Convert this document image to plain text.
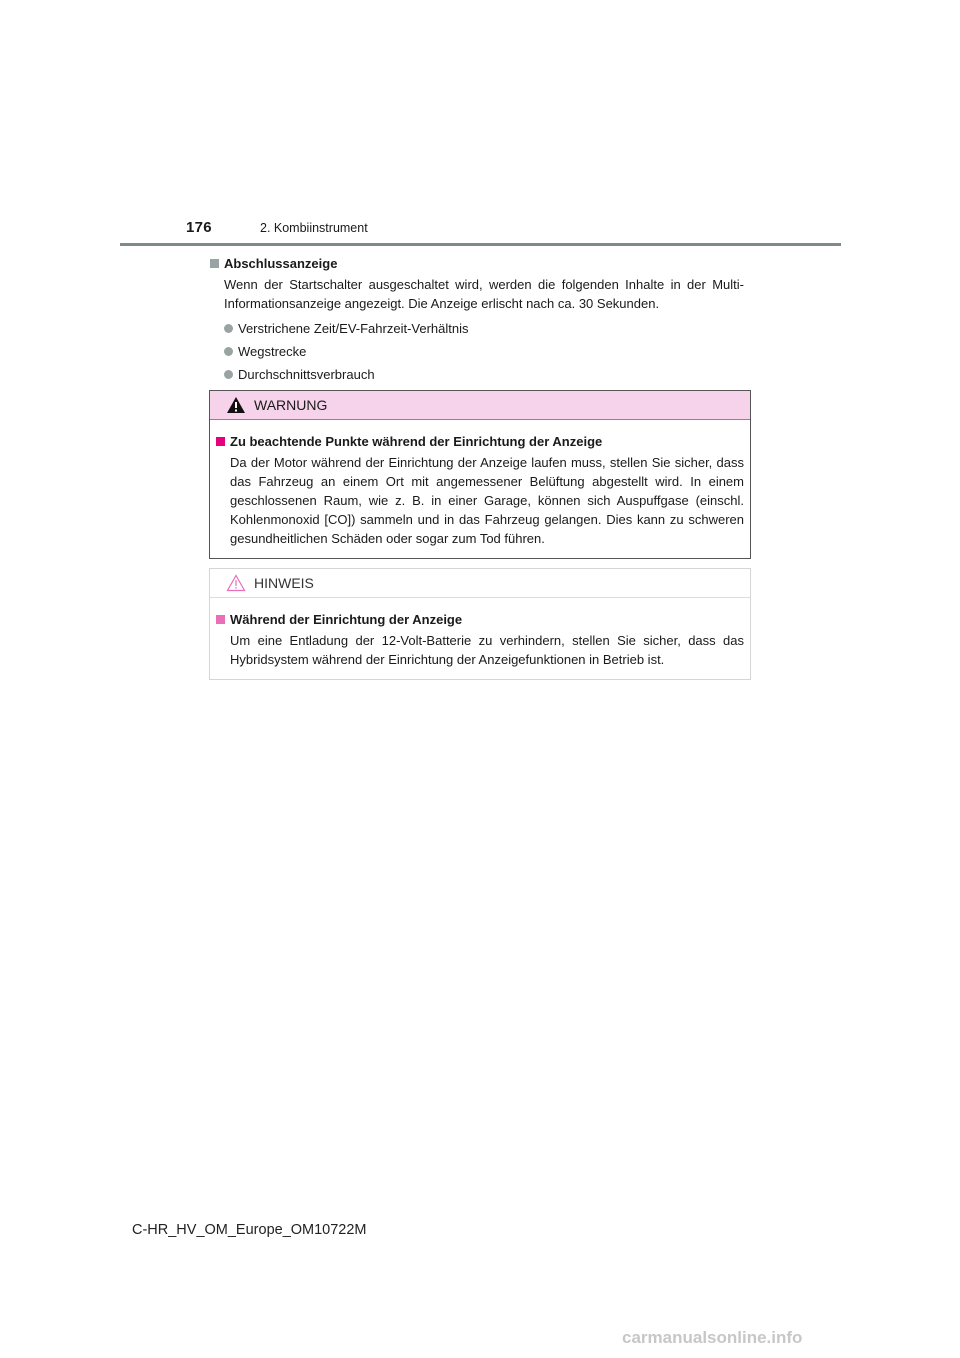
176	2. Kombiinstrument
Abschlussanzeige
Wenn der Startschalter ausgeschaltet wird, werden die folgenden Inhalte in der Multi-Informationsanzeige angezeigt. Die Anzeige erlischt nach ca. 30 Sekunden.
Verstrichene Zeit/EV-Fahrzeit-Verhältnis
Wegstrecke
Durchschnittsverbrauch
WARNUNG
Zu beachtende Punkte während der Einrichtung der Anzeige
Da der Motor während der Einrichtung der Anzeige laufen muss, stellen Sie sicher, dass das Fahrzeug an einem Ort mit angemessener Belüftung abgestellt wird. In einem geschlossenen Raum, wie z. B. in einer Garage, können sich Auspuffgase (einschl. Kohlenmonoxid [CO]) sammeln und in das Fahrzeug gelangen. Dies kann zu schweren gesundheitlichen Schäden oder sogar zum Tod führen.
HINWEIS
Während der Einrichtung der Anzeige
Um eine Entladung der 12-Volt-Batterie zu verhindern, stellen Sie sicher, dass das Hybridsystem während der Einrichtung der Anzeigefunktionen in Betrieb ist.
C-HR_HV_OM_Europe_OM10722M
carmanualsonline.info
